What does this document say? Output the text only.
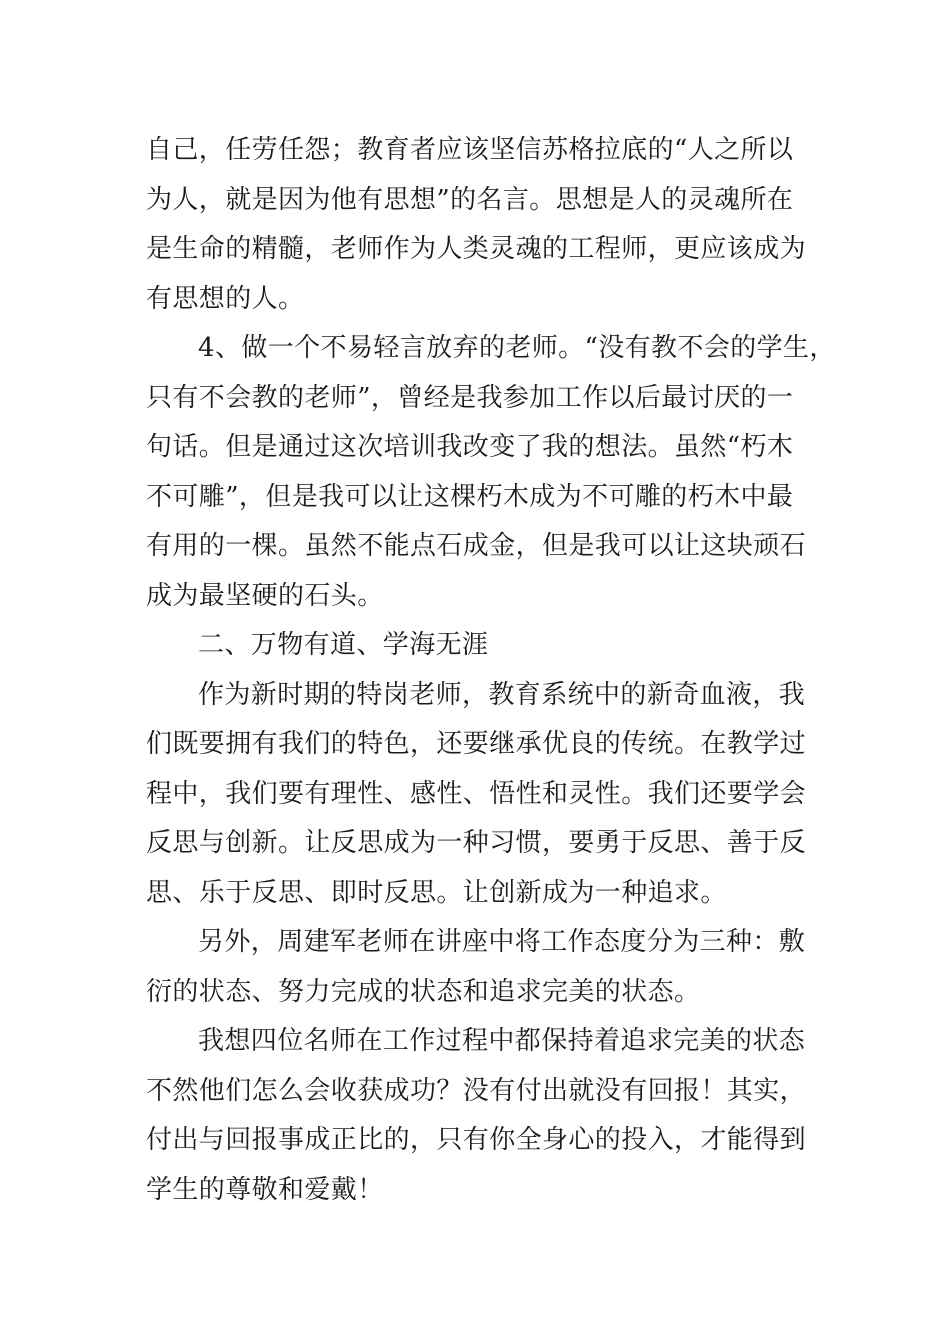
自己，任劳任怨；教育者应该坚信苏格拉底的“人之所以
为人，就是因为他有思想”的名言。思想是人的灵魂所在
是生命的精髓，老师作为人类灵魂的工程师，更应该成为
有思想的人。
4、做一个不易轻言放弃的老师。“没有教不会的学生，
只有不会教的老师”，曾经是我参加工作以后最讨厌的一
句话。但是通过这次培训我改变了我的想法。虽然“朽木
不可雕”，但是我可以让这棵朽木成为不可雕的朽木中最
有用的一棵。虽然不能点石成金，但是我可以让这块顽石
成为最坚硬的石头。
二、万物有道、学海无涯
作为新时期的特岗老师，教育系统中的新奇血液，我
们既要拥有我们的特色，还要继承优良的传统。在教学过
程中，我们要有理性、感性、悟性和灵性。我们还要学会
反思与创新。让反思成为一种习惯，要勇于反思、善于反
思、乐于反思、即时反思。让创新成为一种追求。
另外，周建军老师在讲座中将工作态度分为三种：敷
衍的状态、努力完成的状态和追求完美的状态。
我想四位名师在工作过程中都保持着追求完美的状态
不然他们怎么会收获成功？没有付出就没有回报！其实，
付出与回报事成正比的，只有你全身心的投入，才能得到
学生的尊敬和爱戴！
